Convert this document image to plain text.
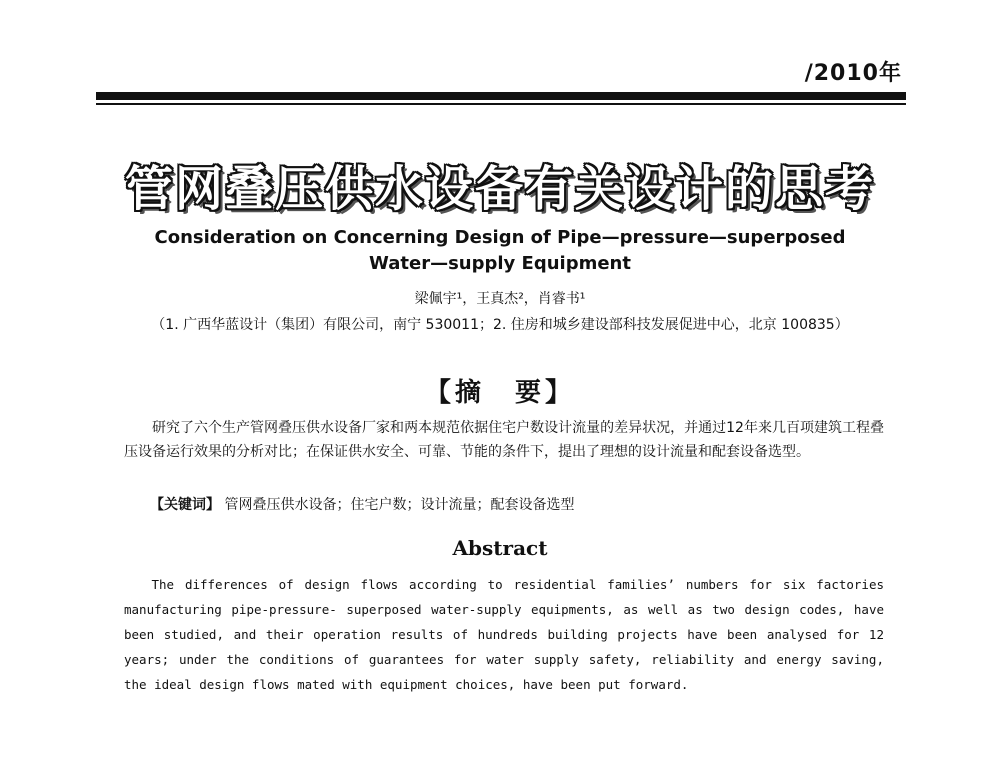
/2010年
管网叠压供水设备有关设计的思考
Consideration on Concerning Design of Pipe—pressure—superposed
Water—supply Equipment
梁佩宇¹，王真杰²，肖睿书¹
（1. 广西华蓝设计（集团）有限公司，南宁 530011；2. 住房和城乡建设部科技发展促进中心，北京 100835）
【摘　要】
研究了六个生产管网叠压供水设备厂家和两本规范依据住宅户数设计流量的差异状况，并通过12年来几百项建筑工程叠压设备运行效果的分析对比；在保证供水安全、可靠、节能的条件下，提出了理想的设计流量和配套设备选型。
【关键词】 管网叠压供水设备；住宅户数；设计流量；配套设备选型
Abstract
The differences of design flows according to residential families’ numbers for six factories manufacturing pipe-pressure- superposed water-supply equipments, as well as two design codes, have been studied, and their operation results of hundreds building projects have been analysed for 12 years; under the conditions of guarantees for water supply safety, reliability and energy saving, the ideal design flows mated with equipment choices, have been put forward.
